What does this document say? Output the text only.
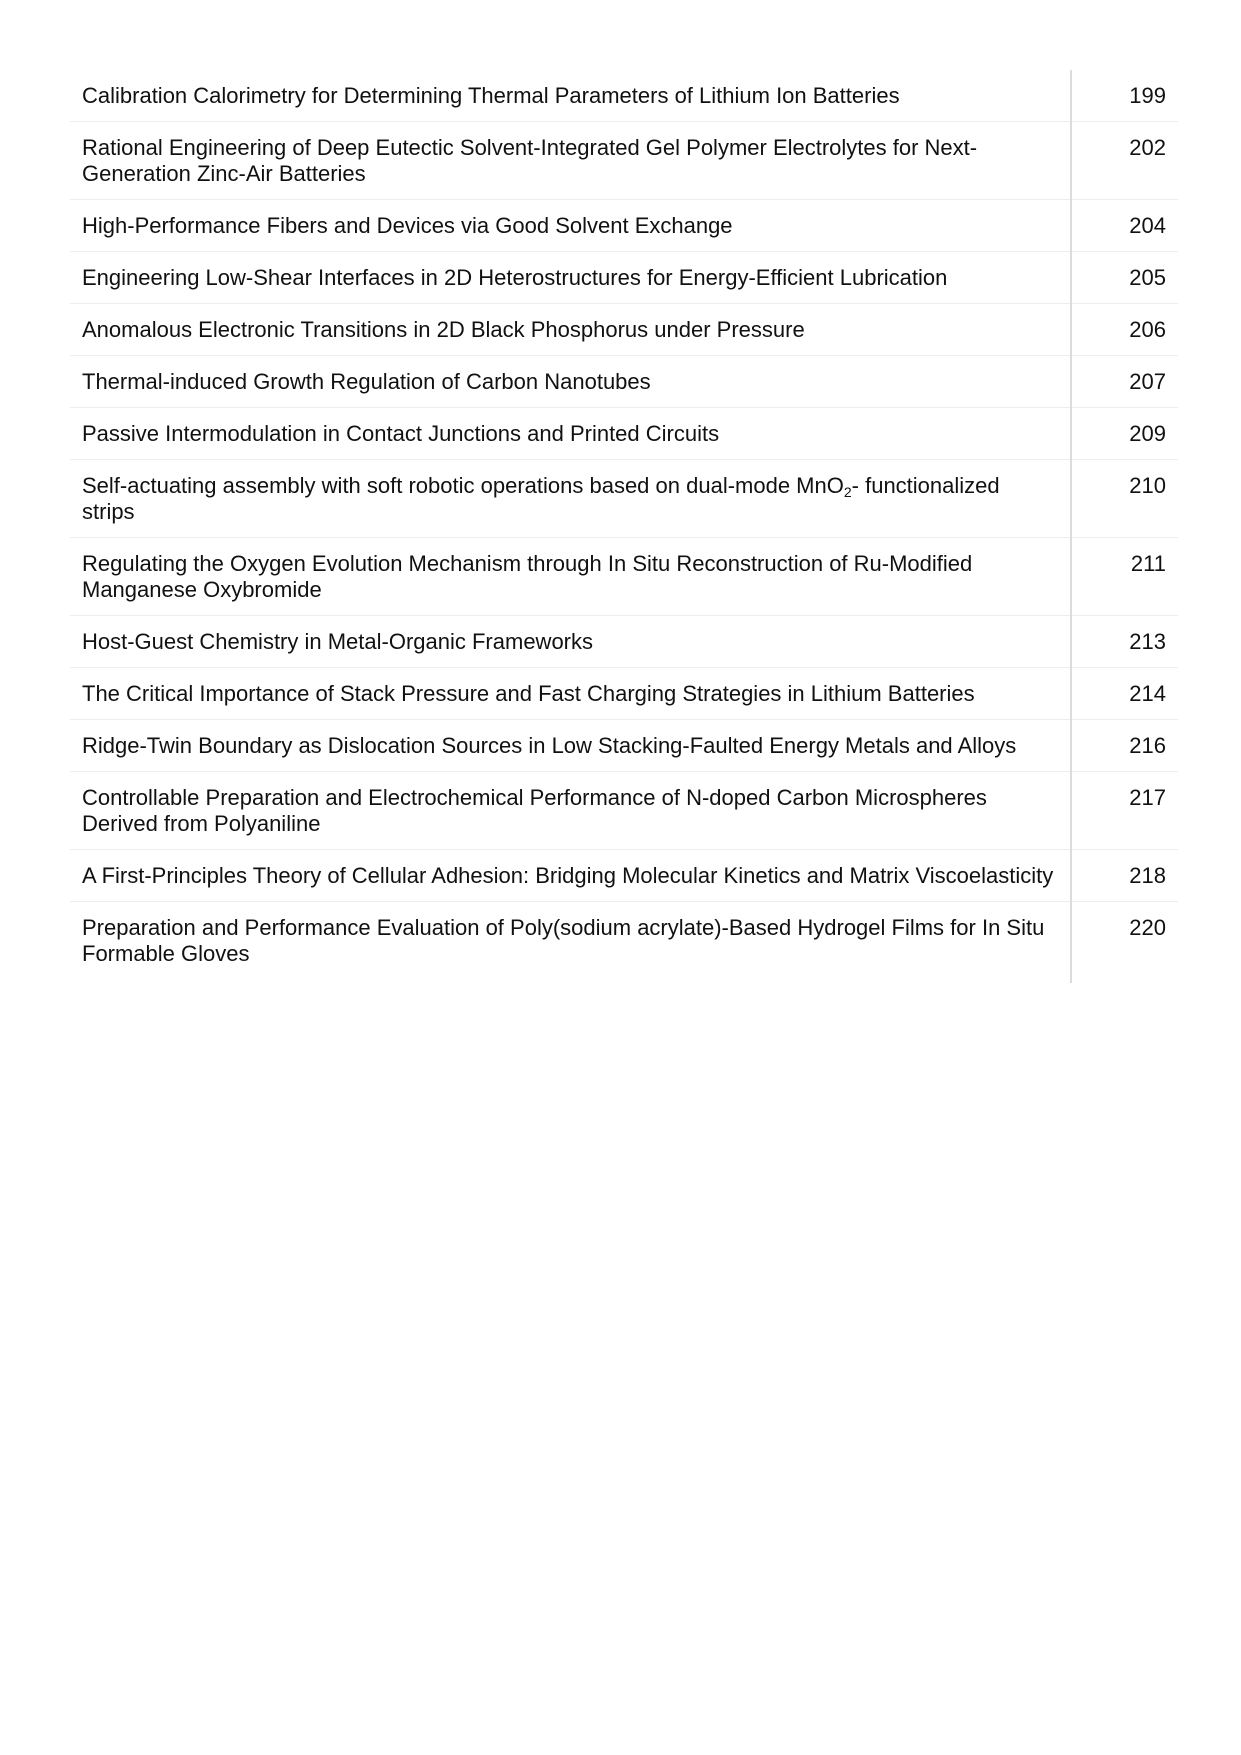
Calibration Calorimetry for Determining Thermal Parameters of Lithium Ion Batteries	199
Rational Engineering of Deep Eutectic Solvent-Integrated Gel Polymer Electrolytes for Next-Generation Zinc-Air Batteries	202
High-Performance Fibers and Devices via Good Solvent Exchange	204
Engineering Low-Shear Interfaces in 2D Heterostructures for Energy-Efficient Lubrication	205
Anomalous Electronic Transitions in 2D Black Phosphorus under Pressure	206
Thermal-induced Growth Regulation of Carbon Nanotubes	207
Passive Intermodulation in Contact Junctions and Printed Circuits	209
Self-actuating assembly with soft robotic operations based on dual-mode MnO$_2$- functionalized strips	210
Regulating the Oxygen Evolution Mechanism through In Situ Reconstruction of Ru-Modified Manganese Oxybromide	211
Host-Guest Chemistry in Metal-Organic Frameworks	213
The Critical Importance of Stack Pressure and Fast Charging Strategies in Lithium Batteries	214
Ridge-Twin Boundary as Dislocation Sources in Low Stacking-Faulted Energy Metals and Alloys	216
Controllable Preparation and Electrochemical Performance of N-doped Carbon Microspheres Derived from Polyaniline	217
A First-Principles Theory of Cellular Adhesion: Bridging Molecular Kinetics and Matrix Viscoelasticity	218
Preparation and Performance Evaluation of Poly(sodium acrylate)-Based Hydrogel Films for In Situ Formable Gloves	220
